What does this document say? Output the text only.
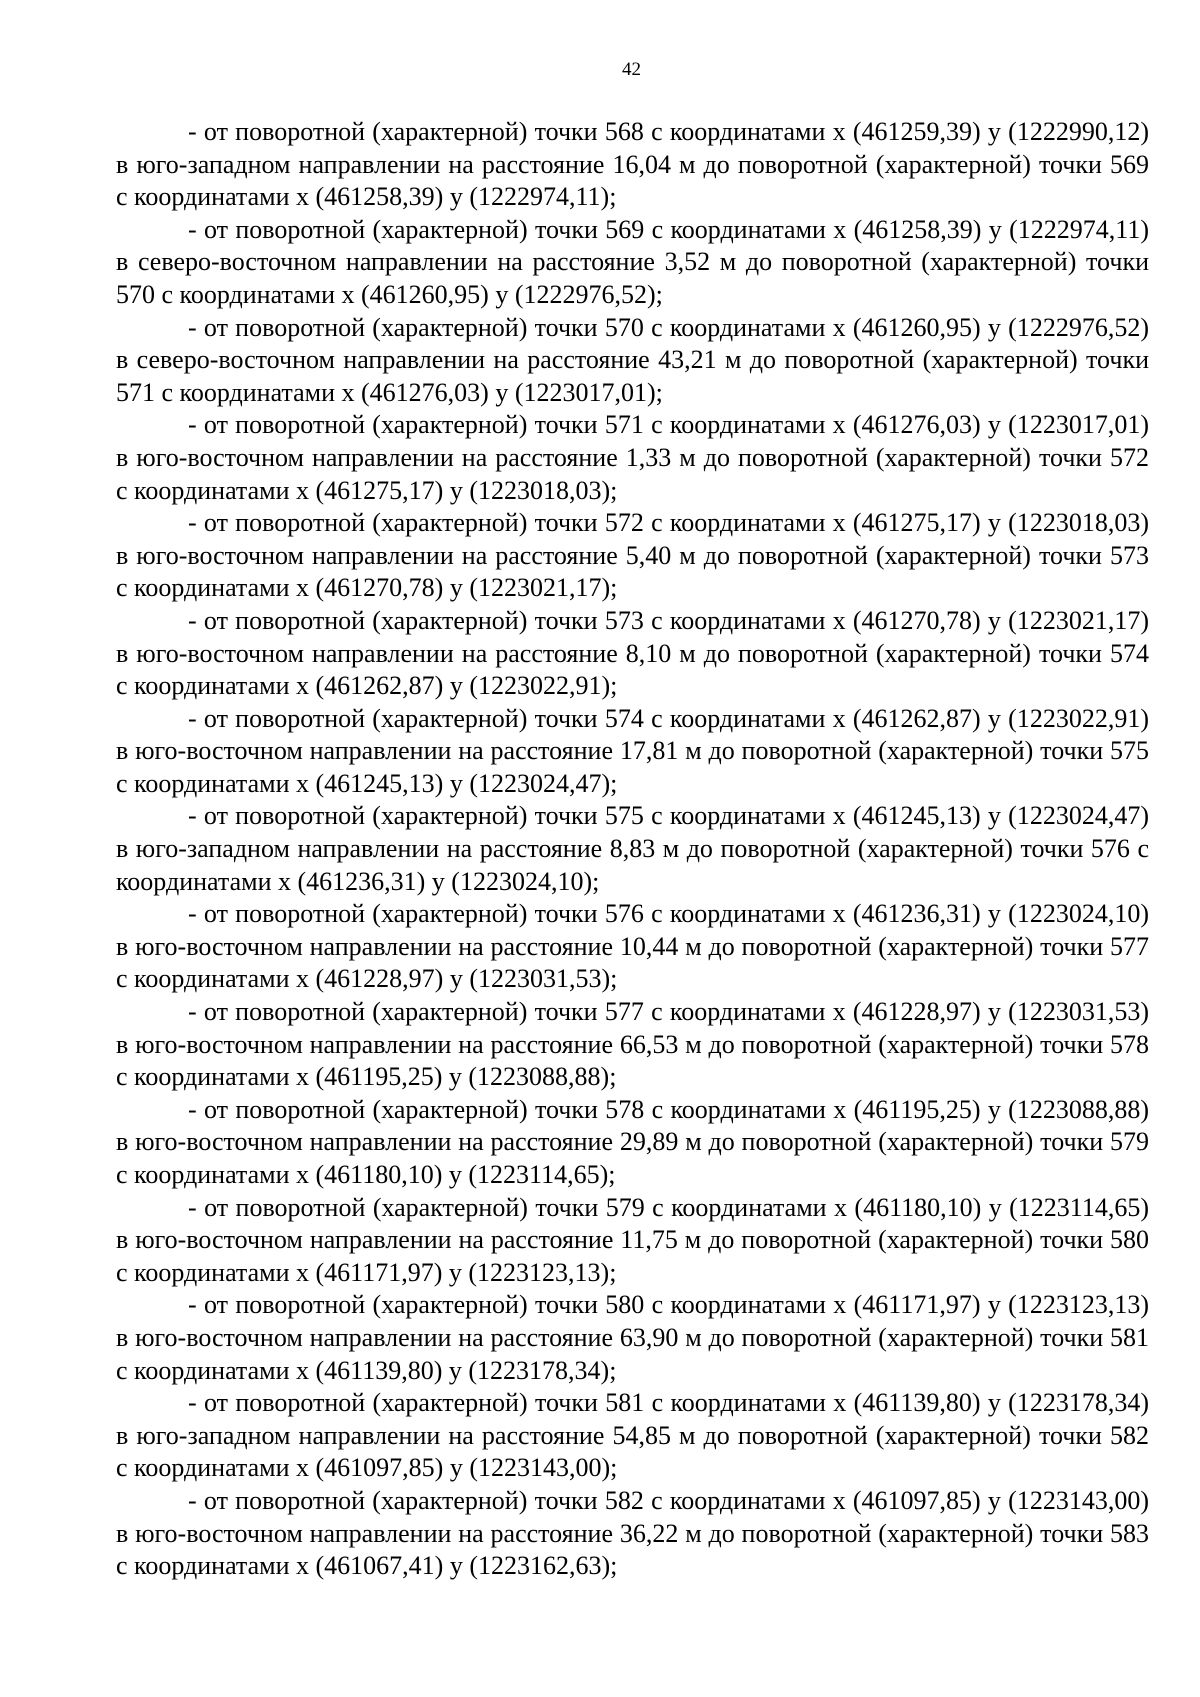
42

- от поворотной (характерной) точки 568 с координатами х (461259,39) у (1222990,12) в юго-западном направлении на расстояние 16,04 м до поворотной (характерной) точки 569 с координатами х (461258,39) у (1222974,11);

- от поворотной (характерной) точки 569 с координатами х (461258,39) у (1222974,11) в северо-восточном направлении на расстояние 3,52 м до поворотной (характерной) точки 570 с координатами х (461260,95) у (1222976,52);

- от поворотной (характерной) точки 570 с координатами х (461260,95) у (1222976,52) в северо-восточном направлении на расстояние 43,21 м до поворотной (характерной) точки 571 с координатами х (461276,03) у (1223017,01);

- от поворотной (характерной) точки 571 с координатами х (461276,03) у (1223017,01) в юго-восточном направлении на расстояние 1,33 м до поворотной (характерной) точки 572 с координатами х (461275,17) у (1223018,03);

- от поворотной (характерной) точки 572 с координатами х (461275,17) у (1223018,03) в юго-восточном направлении на расстояние 5,40 м до поворотной (характерной) точки 573 с координатами х (461270,78) у (1223021,17);

- от поворотной (характерной) точки 573 с координатами х (461270,78) у (1223021,17) в юго-восточном направлении на расстояние 8,10 м до поворотной (характерной) точки 574 с координатами х (461262,87) у (1223022,91);

- от поворотной (характерной) точки 574 с координатами х (461262,87) у (1223022,91) в юго-восточном направлении на расстояние 17,81 м до поворотной (характерной) точки 575 с координатами х (461245,13) у (1223024,47);

- от поворотной (характерной) точки 575 с координатами х (461245,13) у (1223024,47) в юго-западном направлении на расстояние 8,83 м до поворотной (характерной) точки 576 с координатами х (461236,31) у (1223024,10);

- от поворотной (характерной) точки 576 с координатами х (461236,31) у (1223024,10) в юго-восточном направлении на расстояние 10,44 м до поворотной (характерной) точки 577 с координатами х (461228,97) у (1223031,53);

- от поворотной (характерной) точки 577 с координатами х (461228,97) у (1223031,53) в юго-восточном направлении на расстояние 66,53 м до поворотной (характерной) точки 578 с координатами х (461195,25) у (1223088,88);

- от поворотной (характерной) точки 578 с координатами х (461195,25) у (1223088,88) в юго-восточном направлении на расстояние 29,89 м до поворотной (характерной) точки 579 с координатами х (461180,10) у (1223114,65);

- от поворотной (характерной) точки 579 с координатами х (461180,10) у (1223114,65) в юго-восточном направлении на расстояние 11,75 м до поворотной (характерной) точки 580 с координатами х (461171,97) у (1223123,13);

- от поворотной (характерной) точки 580 с координатами х (461171,97) у (1223123,13) в юго-восточном направлении на расстояние 63,90 м до поворотной (характерной) точки 581 с координатами х (461139,80) у (1223178,34);

- от поворотной (характерной) точки 581 с координатами х (461139,80) у (1223178,34) в юго-западном направлении на расстояние 54,85 м до поворотной (характерной) точки 582 с координатами х (461097,85) у (1223143,00);

- от поворотной (характерной) точки 582 с координатами х (461097,85) у (1223143,00) в юго-восточном направлении на расстояние 36,22 м до поворотной (характерной) точки 583 с координатами х (461067,41) у (1223162,63);
